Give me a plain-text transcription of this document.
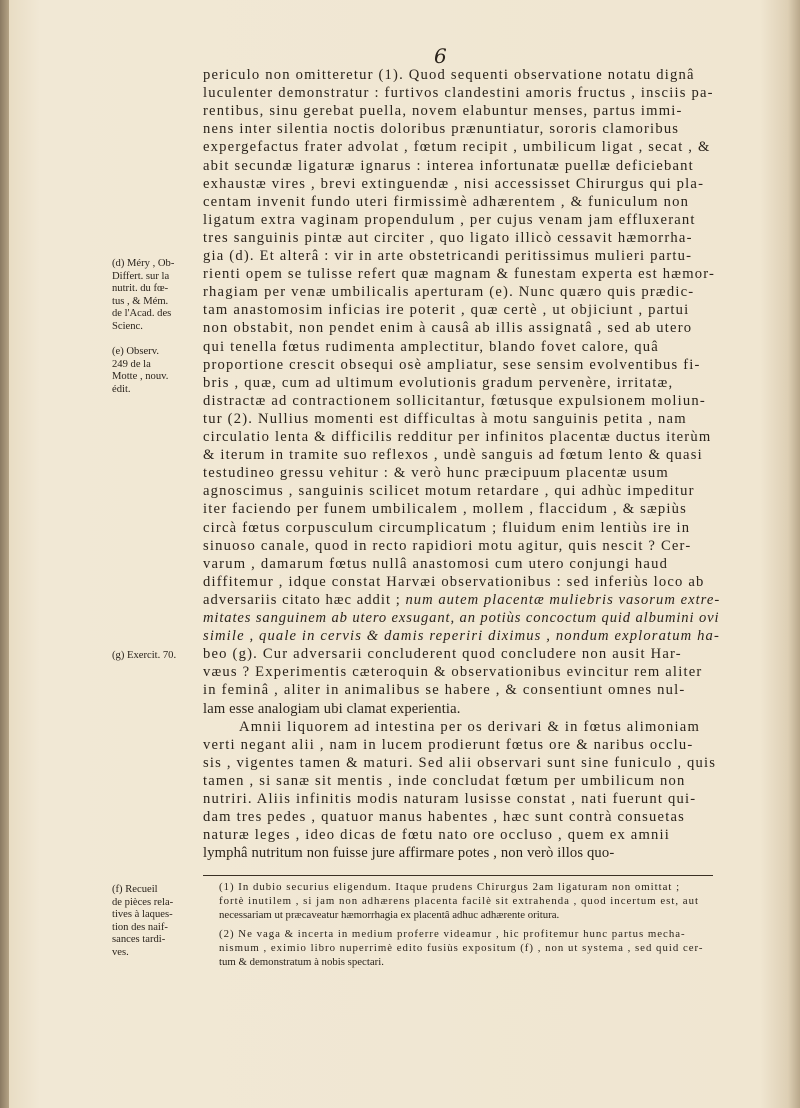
6
periculo non omitteretur (1). Quod sequenti observatione notatu dignâ
luculenter demonstratur : furtivos clandestini amoris fructus , insciis pa-
rentibus, sinu gerebat puella, novem elabuntur menses, partus immi-
nens inter silentia noctis doloribus prænuntiatur, sororis clamoribus
expergefactus frater advolat , fœtum recipit , umbilicum ligat , secat , &
abit secundæ ligaturæ ignarus : interea infortunatæ puellæ deficiebant
exhaustæ vires , brevi extinguendæ , nisi accessisset Chirurgus qui pla-
centam invenit fundo uteri firmissimè adhærentem , & funiculum non
ligatum extra vaginam propendulum , per cujus venam jam effluxerant
tres sanguinis pintæ aut circiter , quo ligato illicò cessavit hæmorrha-
gia (d). Et alterâ : vir in arte obstetricandi peritissimus mulieri partu-
rienti opem se tulisse refert quæ magnam & funestam experta est hæmor-
rhagiam per venæ umbilicalis aperturam (e). Nunc quæro quis prædic-
tam anastomosim inficias ire poterit , quæ certè , ut objiciunt , partui
non obstabit, non pendet enim à causâ ab illis assignatâ , sed ab utero
qui tenella fœtus rudimenta amplectitur, blando fovet calore, quâ
proportione crescit obsequi osè ampliatur, sese sensim evolventibus fi-
bris , quæ, cum ad ultimum evolutionis gradum pervenère, irritatæ,
distractæ ad contractionem sollicitantur, fœtusque expulsionem moliun-
tur (2). Nullius momenti est difficultas à motu sanguinis petita , nam
circulatio lenta & difficilis redditur per infinitos placentæ ductus iterùm
& iterum in tramite suo reflexos , undè sanguis ad fœtum lento & quasi
testudineo gressu vehitur : & verò hunc præcipuum placentæ usum
agnoscimus , sanguinis scilicet motum retardare , qui adhùc impeditur
iter faciendo per funem umbilicalem , mollem , flaccidum , & sæpiùs
circà fœtus corpusculum circumplicatum ; fluidum enim lentiùs ire in
sinuoso canale, quod in recto rapidiori motu agitur, quis nescit ? Cer-
varum , damarum fœtus nullâ anastomosi cum utero conjungi haud
diffitemur , idque constat Harvæi observationibus : sed inferiùs loco ab
adversariis citato hæc addit ; num autem placentæ muliebris vasorum extre-
mitates sanguinem ab utero exsugant, an potiùs concoctum quid albumini ovi
simile , quale in cervis & damis reperiri diximus , nondum exploratum ha-
beo (g). Cur adversarii concluderent quod concludere non ausit Har-
væus ? Experimentis cæteroquin & observationibus evincitur rem aliter
in feminâ , aliter in animalibus se habere , & consentiunt omnes nul-
lam esse analogiam ubi clamat experientia.
Amnii liquorem ad intestina per os derivari & in fœtus alimoniam
verti negant alii , nam in lucem prodierunt fœtus ore & naribus occlu-
sis , vigentes tamen & maturi. Sed alii observari sunt sine funiculo , quis
tamen , si sanæ sit mentis , inde concludat fœtum per umbilicum non
nutriri. Aliis infinitis modis naturam lusisse constat , nati fuerunt qui-
dam tres pedes , quatuor manus habentes , hæc sunt contrà consuetas
naturæ leges , ideo dicas de fœtu nato ore occluso , quem ex amnii
lymphâ nutritum non fuisse jure affirmare potes , non verò illos quo-
(d) Méry , Ob-
Differt. sur la
nutrit. du fœ-
tus , & Mém.
de l'Acad. des
Scienc.
(e) Observ.
249 de la
Motte , nouv.
édit.
(g) Exercit. 70.
(f) Recueil
de pièces rela-
tives à laques-
tion des naif-
sances tardi-
ves.
(1) In dubio securius eligendum. Itaque prudens Chirurgus 2am ligaturam non omittat ;
fortè inutilem , si jam non adhærens placenta facilè sit extrahenda , quod incertum est, aut
necessariam ut præcaveatur hæmorrhagia ex placentâ adhuc adhærente oritura.
(2) Ne vaga & incerta in medium proferre videamur , hic profitemur hunc partus mecha-
nismum , eximio libro nuperrimè edito fusiùs expositum (f) , non ut systema , sed quid cer-
tum & demonstratum à nobis spectari.
